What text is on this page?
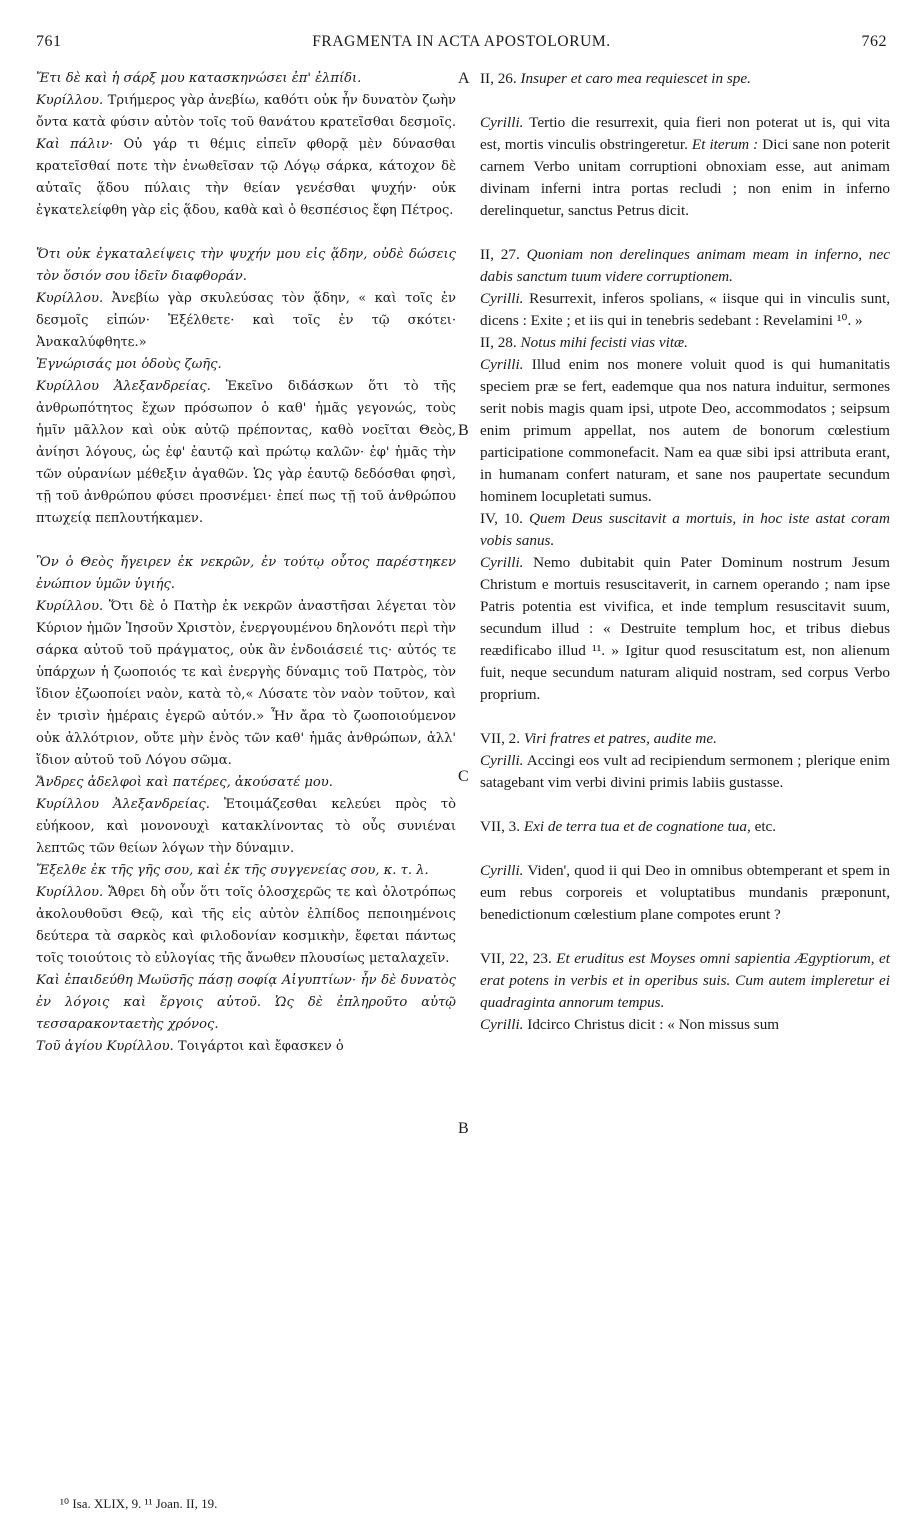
761	FRAGMENTA IN ACTA APOSTOLORUM.	762
A
B
C
B

Ἔτι δὲ καὶ ἡ σάρξ μου κατασκηνώσει ἐπ' ἐλπίδι.

Κυρίλλου. Τριήμερος γὰρ ἀνεβίω, καθότι οὐκ ἦν δυνατὸν ζωὴν ὄντα κατὰ φύσιν αὐτὸν τοῖς τοῦ θανάτου κρατεῖσθαι δεσμοῖς. Καὶ πάλιν· Οὐ γάρ τι θέμις εἰπεῖν φθορᾷ μὲν δύνασθαι κρατεῖσθαί ποτε τὴν ἑνωθεῖσαν τῷ Λόγῳ σάρκα, κάτοχον δὲ αὐταῖς ᾅδου πύλαις τὴν θείαν γενέσθαι ψυχήν· οὐκ ἐγκατελείφθη γὰρ εἰς ᾅδου, καθὰ καὶ ὁ θεσπέσιος ἔφη Πέτρος.

Ὅτι οὐκ ἐγκαταλείψεις τὴν ψυχήν μου εἰς ᾅδην, οὐδὲ δώσεις τὸν ὅσιόν σου ἰδεῖν διαφθοράν.

Κυρίλλου. Ἀνεβίω γὰρ σκυλεύσας τὸν ᾅδην, « καὶ τοῖς ἐν δεσμοῖς εἰπών· Ἐξέλθετε· καὶ τοῖς ἐν τῷ σκότει· Ἀνακαλύφθητε.»

Ἐγνώρισάς μοι ὁδοὺς ζωῆς.

Κυρίλλου Ἀλεξανδρείας. Ἐκεῖνο διδάσκων ὅτι τὸ τῆς ἀνθρωπότητος ἔχων πρόσωπον ὁ καθ' ἡμᾶς γεγονώς, τοὺς ἡμῖν μᾶλλον καὶ οὐκ αὐτῷ πρέποντας, καθὸ νοεῖται Θεὸς, ἀνίησι λόγους, ὡς ἐφ' ἑαυτῷ καὶ πρώτῳ καλῶν· ἐφ' ἡμᾶς τὴν τῶν οὐρανίων μέθεξιν ἀγαθῶν. Ὡς γὰρ ἑαυτῷ δεδόσθαι φησὶ, τῇ τοῦ ἀνθρώπου φύσει προσνέμει· ἐπεί πως τῇ τοῦ ἀνθρώπου πτωχείᾳ πεπλουτήκαμεν.

Ὃν ὁ Θεὸς ἤγειρεν ἐκ νεκρῶν, ἐν τούτῳ οὗτος παρέστηκεν ἐνώπιον ὑμῶν ὑγιής.

Κυρίλλου. Ὅτι δὲ ὁ Πατὴρ ἐκ νεκρῶν ἀναστῆσαι λέγεται τὸν Κύριον ἡμῶν Ἰησοῦν Χριστὸν, ἐνεργουμένου δηλονότι περὶ τὴν σάρκα αὐτοῦ τοῦ πράγματος, οὐκ ἂν ἐνδοιάσειέ τις· αὐτός τε ὑπάρχων ἡ ζωοποιός τε καὶ ἐνεργὴς δύναμις τοῦ Πατρὸς, τὸν ἴδιον ἐζωοποίει ναὸν, κατὰ τὸ,« Λύσατε τὸν ναὸν τοῦτον, καὶ ἐν τρισὶν ἡμέραις ἐγερῶ αὐτόν.» Ἦν ἄρα τὸ ζωοποιούμενον οὐκ ἀλλότριον, οὔτε μὴν ἑνὸς τῶν καθ' ἡμᾶς ἀνθρώπων, ἀλλ' ἴδιον αὐτοῦ τοῦ Λόγου σῶμα.

Ἄνδρες ἀδελφοὶ καὶ πατέρες, ἀκούσατέ μου.

Κυρίλλου Ἀλεξανδρείας. Ἑτοιμάζεσθαι κελεύει πρὸς τὸ εὐήκοον, καὶ μονονουχὶ κατακλίνοντας τὸ οὖς συνιέναι λεπτῶς τῶν θείων λόγων τὴν δύναμιν.

Ἔξελθε ἐκ τῆς γῆς σου, καὶ ἐκ τῆς συγγενείας σου, κ. τ. λ.

Κυρίλλου. Ἄθρει δὴ οὖν ὅτι τοῖς ὁλοσχερῶς τε καὶ ὁλοτρόπως ἀκολουθοῦσι Θεῷ, καὶ τῆς εἰς αὐτὸν ἐλπίδος πεποιημένοις δεύτερα τὰ σαρκὸς καὶ φιλοδονίαν κοσμικὴν, ἔφεται πάντως τοῖς τοιούτοις τὸ εὐλογίας τῆς ἄνωθεν πλουσίως μεταλαχεῖν.

Καὶ ἐπαιδεύθη Μωϋσῆς πάσῃ σοφίᾳ Αἰγυπτίων· ἦν δὲ δυνατὸς ἐν λόγοις καὶ ἔργοις αὐτοῦ. Ὡς δὲ ἐπληροῦτο αὐτῷ τεσσαρακονταετὴς χρόνος.

Τοῦ ἁγίου Κυρίλλου. Τοιγάρτοι καὶ ἔφασκεν ὁ

II, 26. Insuper et caro mea requiescet in spe.

Cyrilli. Tertio die resurrexit, quia fieri non poterat ut is, qui vita est, mortis vinculis obstringeretur. Et iterum : Dici sane non poterit carnem Verbo unitam corruptioni obnoxiam esse, aut animam divinam inferni intra portas recludi ; non enim in inferno derelinquetur, sanctus Petrus dicit.

II, 27. Quoniam non derelinques animam meam in inferno, nec dabis sanctum tuum videre corruptionem.

Cyrilli. Resurrexit, inferos spolians, « iisque qui in vinculis sunt, dicens : Exite ; et iis qui in tenebris sedebant : Revelamini ¹⁰. »

II, 28. Notus mihi fecisti vias vitæ.

Cyrilli. Illud enim nos monere voluit quod is qui humanitatis speciem præ se fert, eademque qua nos natura induitur, sermones serit nobis magis quam ipsi, utpote Deo, accommodatos ; seipsum enim primum appellat, nos autem de bonorum cœlestium participatione commonefacit. Nam ea quæ sibi ipsi attributa erant, in humanam confert naturam, et sane nos paupertate secundum hominem locupletati sumus.

IV, 10. Quem Deus suscitavit a mortuis, in hoc iste astat coram vobis sanus.

Cyrilli. Nemo dubitabit quin Pater Dominum nostrum Jesum Christum e mortuis resuscitaverit, in carnem operando ; nam ipse Patris potentia est vivifica, et inde templum resuscitavit suum, secundum illud : « Destruite templum hoc, et tribus diebus reædificabo illud ¹¹. » Igitur quod resuscitatum est, non alienum fuit, neque secundum naturam aliquid nostram, sed corpus Verbo proprium.

VII, 2. Viri fratres et patres, audite me.

Cyrilli. Accingi eos vult ad recipiendum sermonem ; plerique enim satagebant vim verbi divini primis labiis gustasse.

VII, 3. Exi de terra tua et de cognatione tua, etc.

Cyrilli. Viden', quod ii qui Deo in omnibus obtemperant et spem in eum rebus corporeis et voluptatibus mundanis præponunt, benedictionum cœlestium plane compotes erunt ?

VII, 22, 23. Et eruditus est Moyses omni sapientia Ægyptiorum, et erat potens in verbis et in operibus suis. Cum autem impleretur ei quadraginta annorum tempus.

Cyrilli. Idcirco Christus dicit : « Non missus sum

¹⁰ Isa. XLIX, 9. ¹¹ Joan. II, 19.
